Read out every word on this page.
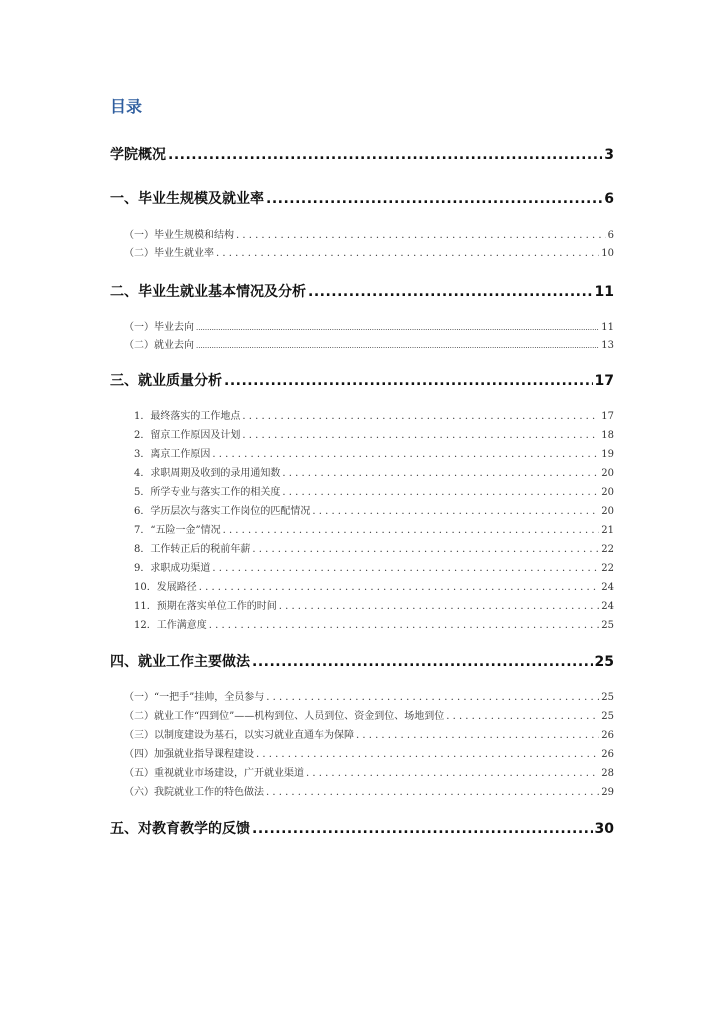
目录
学院概况 .....	3
一、毕业生规模及就业率 .....	6
（一）毕业生规模和结构 . . .	6
（二）毕业生就业率 . . .	10
二、毕业生就业基本情况及分析 .....	11
（一）毕业去向 .....	11
（二）就业去向 .....	13
三、就业质量分析 .....	17
1．最终落实的工作地点 . . .	17
2．留京工作原因及计划 . . .	18
3．离京工作原因 . . .	19
4．求职周期及收到的录用通知数 . . .	20
5．所学专业与落实工作的相关度 . . .	20
6．学历层次与落实工作岗位的匹配情况 . . .	20
7．“五险一金”情况 . . .	21
8．工作转正后的税前年薪 . . .	22
9．求职成功渠道 . . .	22
10．发展路径 . . .	24
11．预期在落实单位工作的时间 . . .	24
12．工作满意度 . . .	25
四、就业工作主要做法 .....	25
（一）“一把手”挂帅，全员参与 . . .	25
（二）就业工作“四到位”——机构到位、人员到位、资金到位、场地到位 . . .	25
（三）以制度建设为基石，以实习就业直通车为保障 . . .	26
（四）加强就业指导课程建设 . . .	26
（五）重视就业市场建设，广开就业渠道 . . .	28
（六）我院就业工作的特色做法 . . .	29
五、对教育教学的反馈 .....	30
